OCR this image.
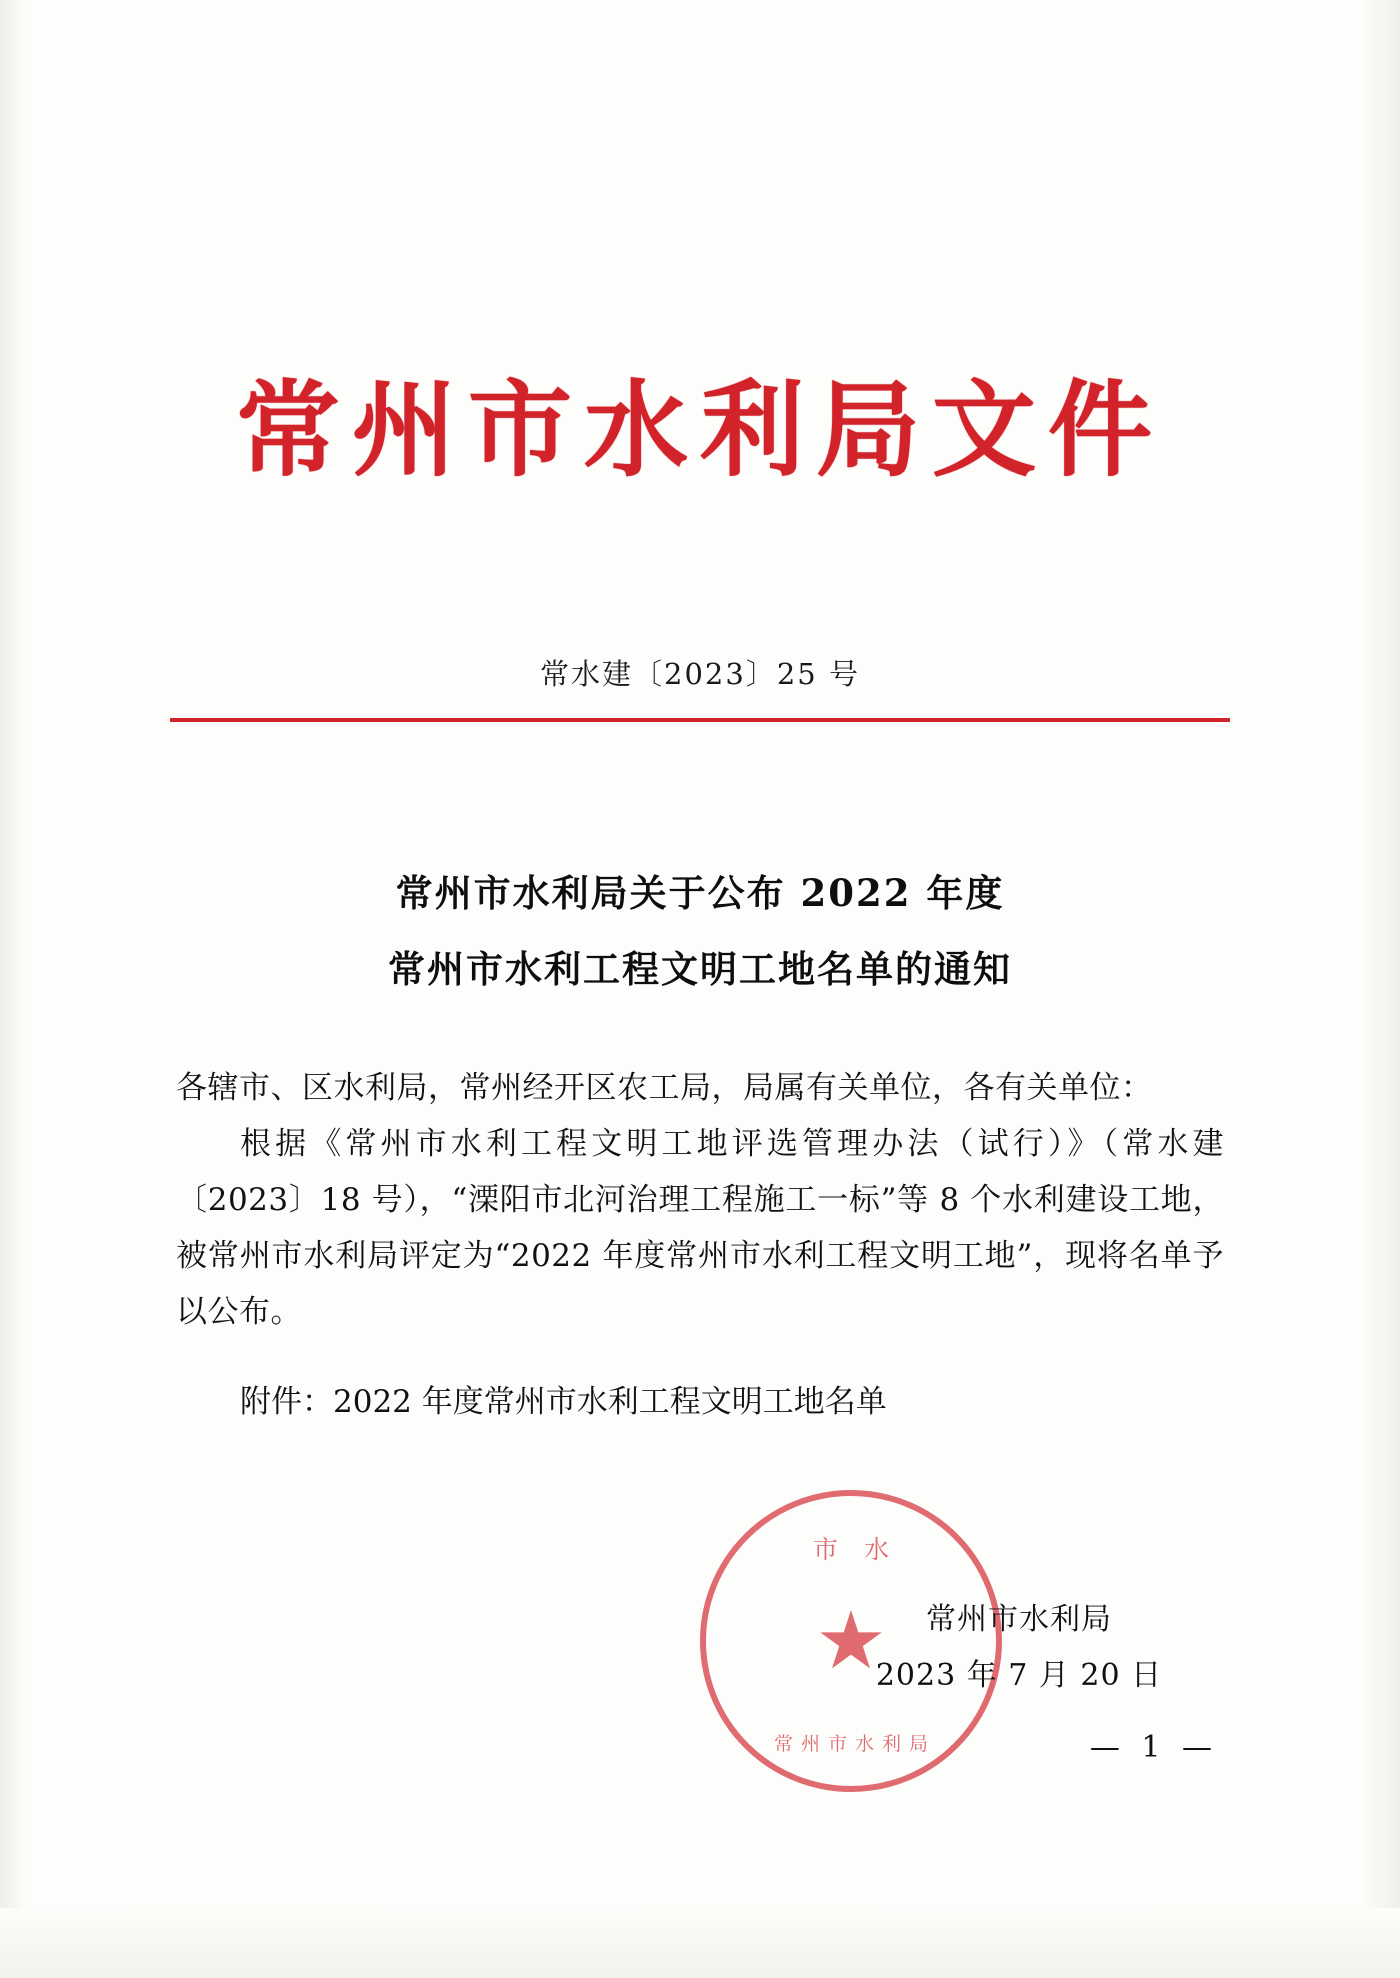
常州市水利局文件
常水建〔2023〕25 号
常州市水利局关于公布 2022 年度
常州市水利工程文明工地名单的通知
各辖市、区水利局，常州经开区农工局，局属有关单位，各有关单位：
根据《常州市水利工程文明工地评选管理办法（试行）》（常水建〔2023〕18 号），“溧阳市北河治理工程施工一标”等 8 个水利建设工地，被常州市水利局评定为“2022 年度常州市水利工程文明工地”，现将名单予以公布。
附件：2022 年度常州市水利工程文明工地名单
市水
★
常州市水利局
常州市水利局
2023 年 7 月 20 日
— 1 —
